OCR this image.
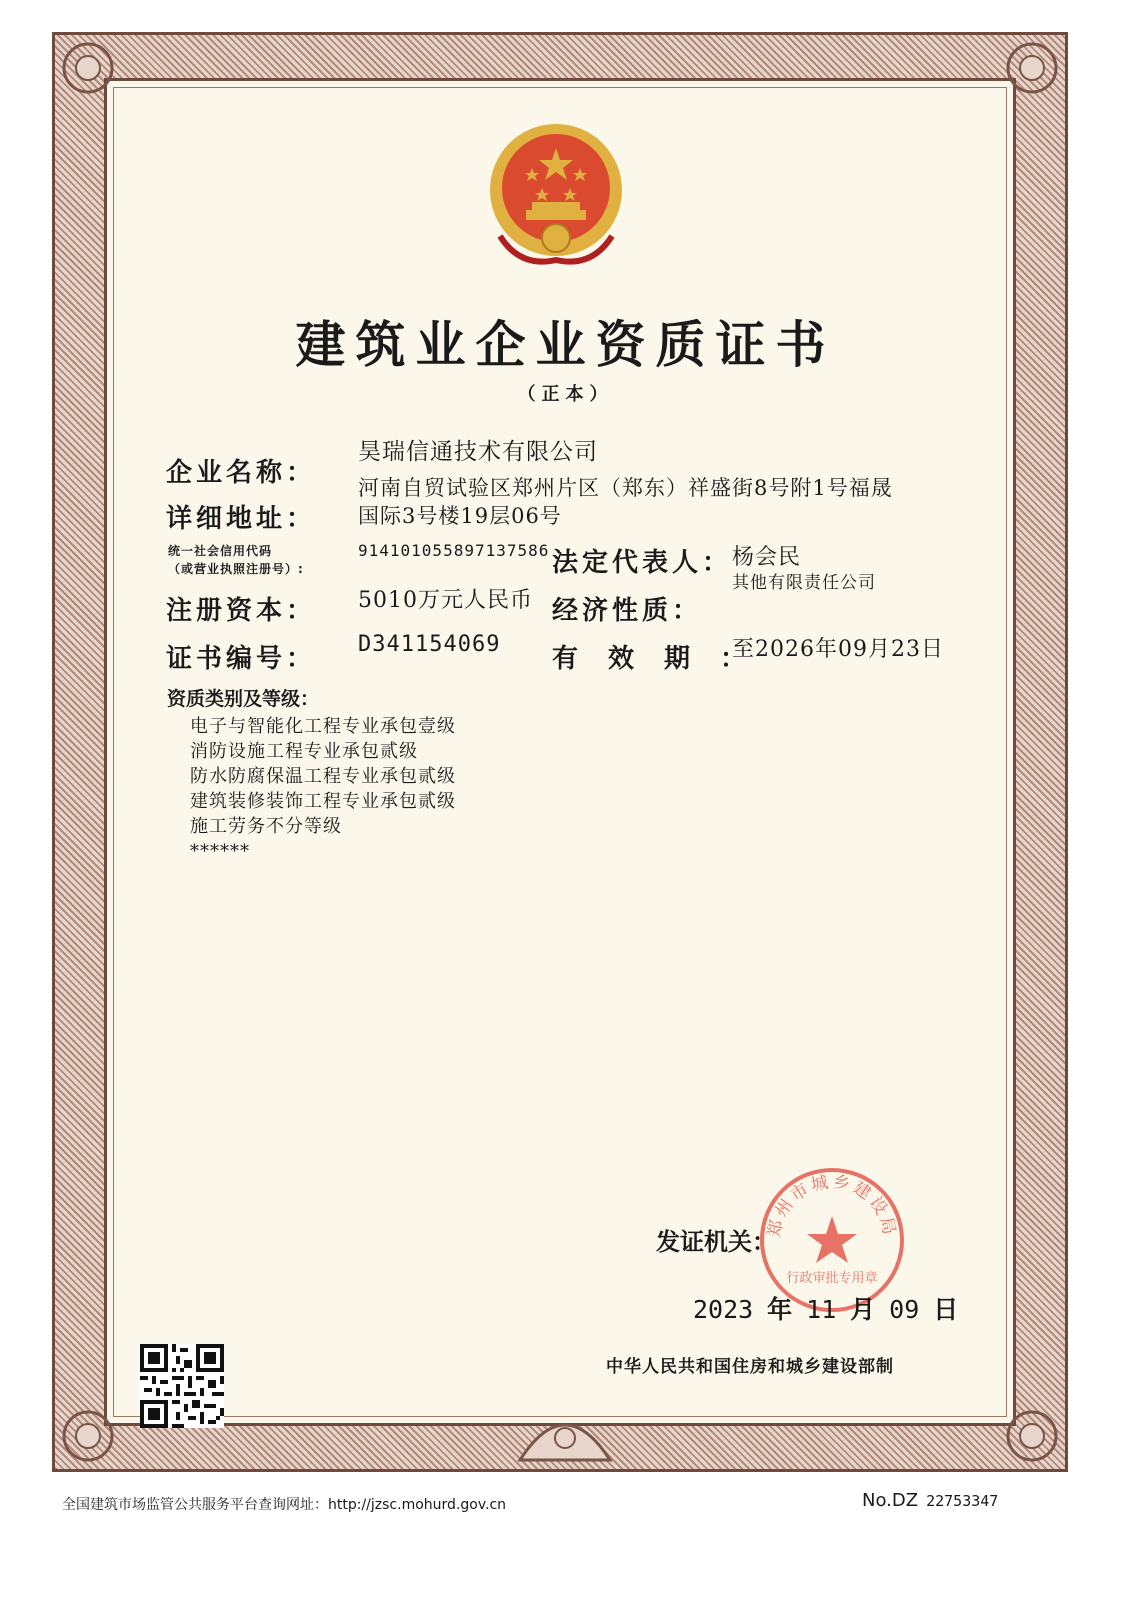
建筑业企业资质证书
（正本）
企业名称：
昊瑞信通技术有限公司
详细地址：
河南自贸试验区郑州片区（郑东）祥盛街8号附1号福晟
国际3号楼19层06号
统一社会信用代码
（或营业执照注册号）:
914101055897137586 法定代表人： 杨会民
其他有限责任公司
注册资本： 5010万元人民币 经济性质：
证书编号： D341154069 有效期：
至2026年09月23日
资质类别及等级：
电子与智能化工程专业承包壹级
消防设施工程专业承包贰级
防水防腐保温工程专业承包贰级
建筑装修装饰工程专业承包贰级
施工劳务不分等级
******
发证机关：
郑州市城乡建设局
行政审批专用章
2023 年 11 月 09 日
中华人民共和国住房和城乡建设部制
全国建筑市场监管公共服务平台查询网址：http://jzsc.mohurd.gov.cn	No.DZ 22753347
